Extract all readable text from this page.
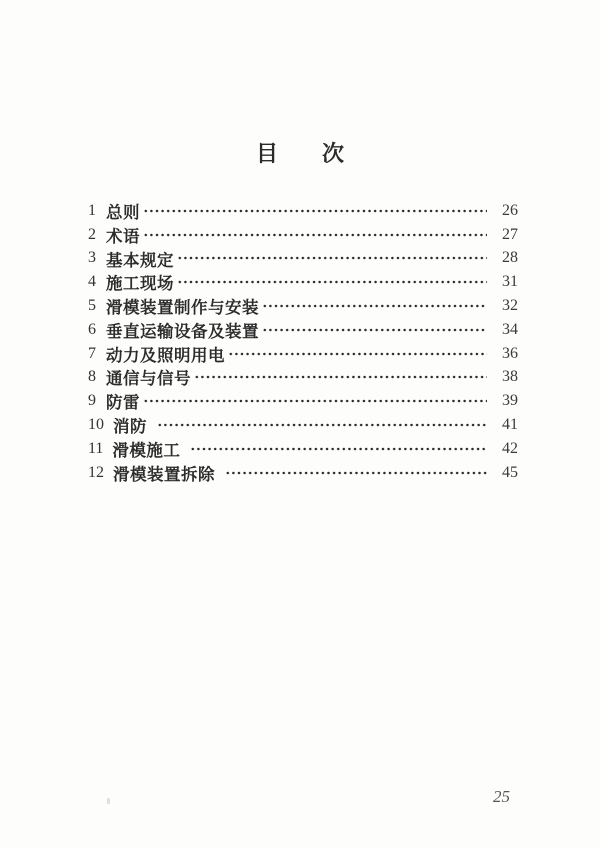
目　　次
1 总则	26
2 术语	27
3 基本规定	28
4 施工现场	31
5 滑模装置制作与安装	32
6 垂直运输设备及装置	34
7 动力及照明用电	36
8 通信与信号	38
9 防雷	39
10 消防	41
11 滑模施工	42
12 滑模装置拆除	45
25
